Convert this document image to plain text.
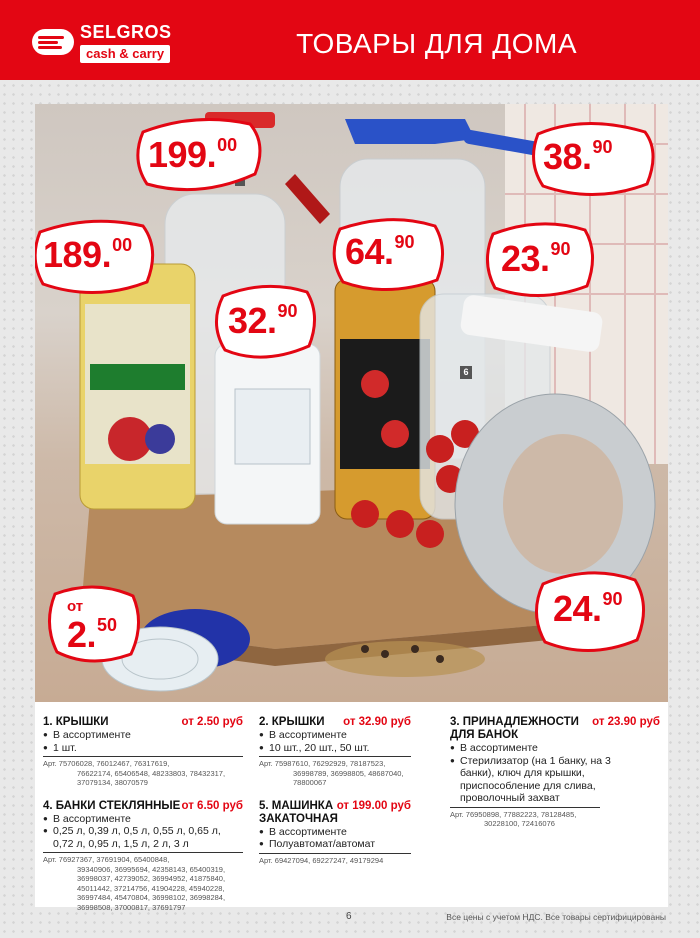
SELGROS
cash & carry	ТОВАРЫ ДЛЯ ДОМА
199.00	38.90
189.00	64.90 23.90
32.90
24.90
от
2.50
6
1. КРЫШКИ	от 2.50 руб
● В ассортименте
● 1 шт.
Арт. 75706028, 76012467, 76317619,
76622174, 65406548, 48233803, 78432317, 37079134, 38070579
4. БАНКИ СТЕКЛЯННЫЕ от 6.50 руб
● В ассортименте
● 0,25 л, 0,39 л, 0,5 л, 0,55 л, 0,65 л, 0,72 л, 0,95 л, 1,5 л, 2 л, 3 л
Арт. 76927367, 37691904, 65400848,
39340906, 36995694, 42358143, 65400319, 36998037, 42739052, 36994952, 41875840, 45011442, 37214756, 41904228, 45940228, 36997484, 45470804, 36998102, 36998284, 36998508, 37000817, 37691797
2. КРЫШКИ от 32.90 руб
● В ассортименте
● 10 шт., 20 шт., 50 шт.
Арт. 75987610, 76292929, 78187523,
36998789, 36998805, 48687040, 78800067
5. МАШИНКА ЗАКАТОЧНАЯ
от 199.00 руб
● В ассортименте
● Полуавтомат/автомат
Арт. 69427094, 69227247, 49179294
3. ПРИНАДЛЕЖНОСТИ ДЛЯ БАНОК
от 23.90 руб
● В ассортименте
● Стерилизатор (на 1 банку, на 3 банки), ключ для крышки, приспособление для слива, проволочный захват
Арт. 76950898, 77882223, 78128485,
30228100, 72416076
6	Все цены с учетом НДС. Все товары сертифицированы
